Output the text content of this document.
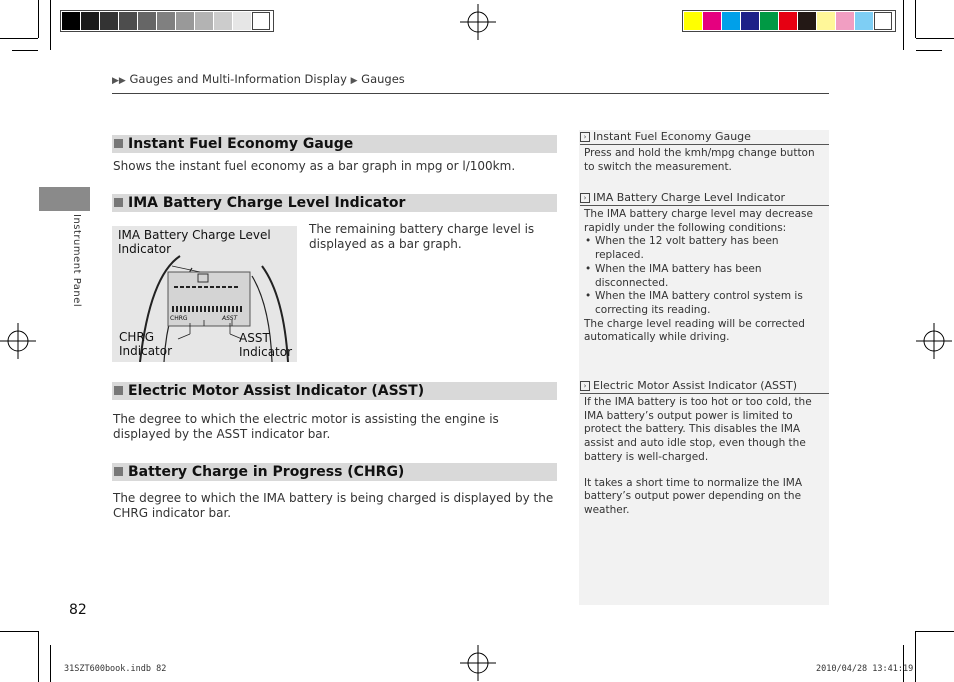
▶▶ Gauges and Multi-Information Display ▶ Gauges
Instrument Panel
Instant Fuel Economy Gauge
Shows the instant fuel economy as a bar graph in mpg or l/100km.
IMA Battery Charge Level Indicator
The remaining battery charge level is displayed as a bar graph.
IMA Battery Charge Level Indicator
CHRG Indicator
ASST Indicator
CHRG	ASST
Electric Motor Assist Indicator (ASST)
The degree to which the electric motor is assisting the engine is displayed by the ASST indicator bar.
Battery Charge in Progress (CHRG)
The degree to which the IMA battery is being charged is displayed by the CHRG indicator bar.
› Instant Fuel Economy Gauge
Press and hold the kmh/mpg change button to switch the measurement.
› IMA Battery Charge Level Indicator
The IMA battery charge level may decrease rapidly under the following conditions:
• When the 12 volt battery has been replaced.
• When the IMA battery has been disconnected.
• When the IMA battery control system is correcting its reading.
The charge level reading will be corrected automatically while driving.
› Electric Motor Assist Indicator (ASST)
If the IMA battery is too hot or too cold, the IMA battery’s output power is limited to protect the battery. This disables the IMA assist and auto idle stop, even though the battery is well-charged.
It takes a short time to normalize the IMA battery’s output power depending on the weather.
82
31SZT600book.indb 82	2010/04/28 13:41:19
